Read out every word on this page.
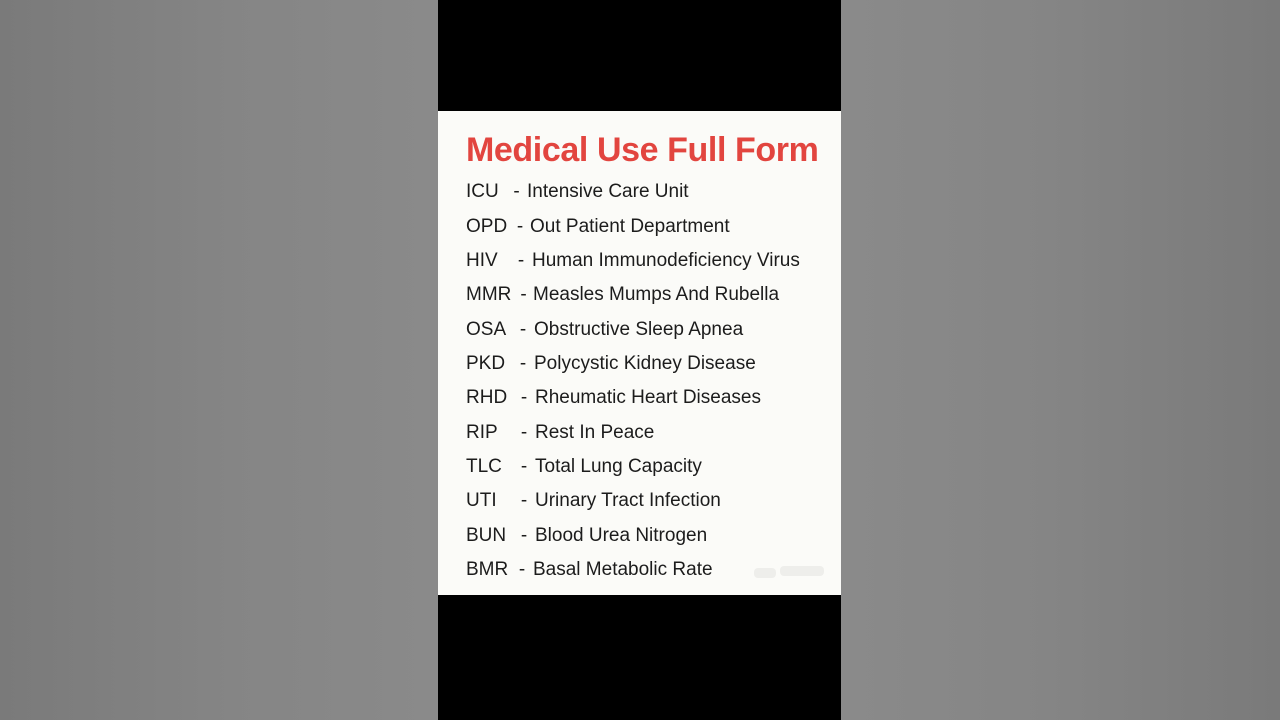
Medical Use Full Form
ICU - Intensive Care Unit
OPD - Out Patient Department
HIV	- Human Immunodeficiency Virus
MMR - Measles Mumps And Rubella
OSA - Obstructive Sleep Apnea
PKD - Polycystic Kidney Disease
RHD - Rheumatic Heart Diseases
RIP	- Rest In Peace
TLC - Total Lung Capacity
UTI	- Urinary Tract Infection
BUN - Blood Urea Nitrogen
BMR - Basal Metabolic Rate
